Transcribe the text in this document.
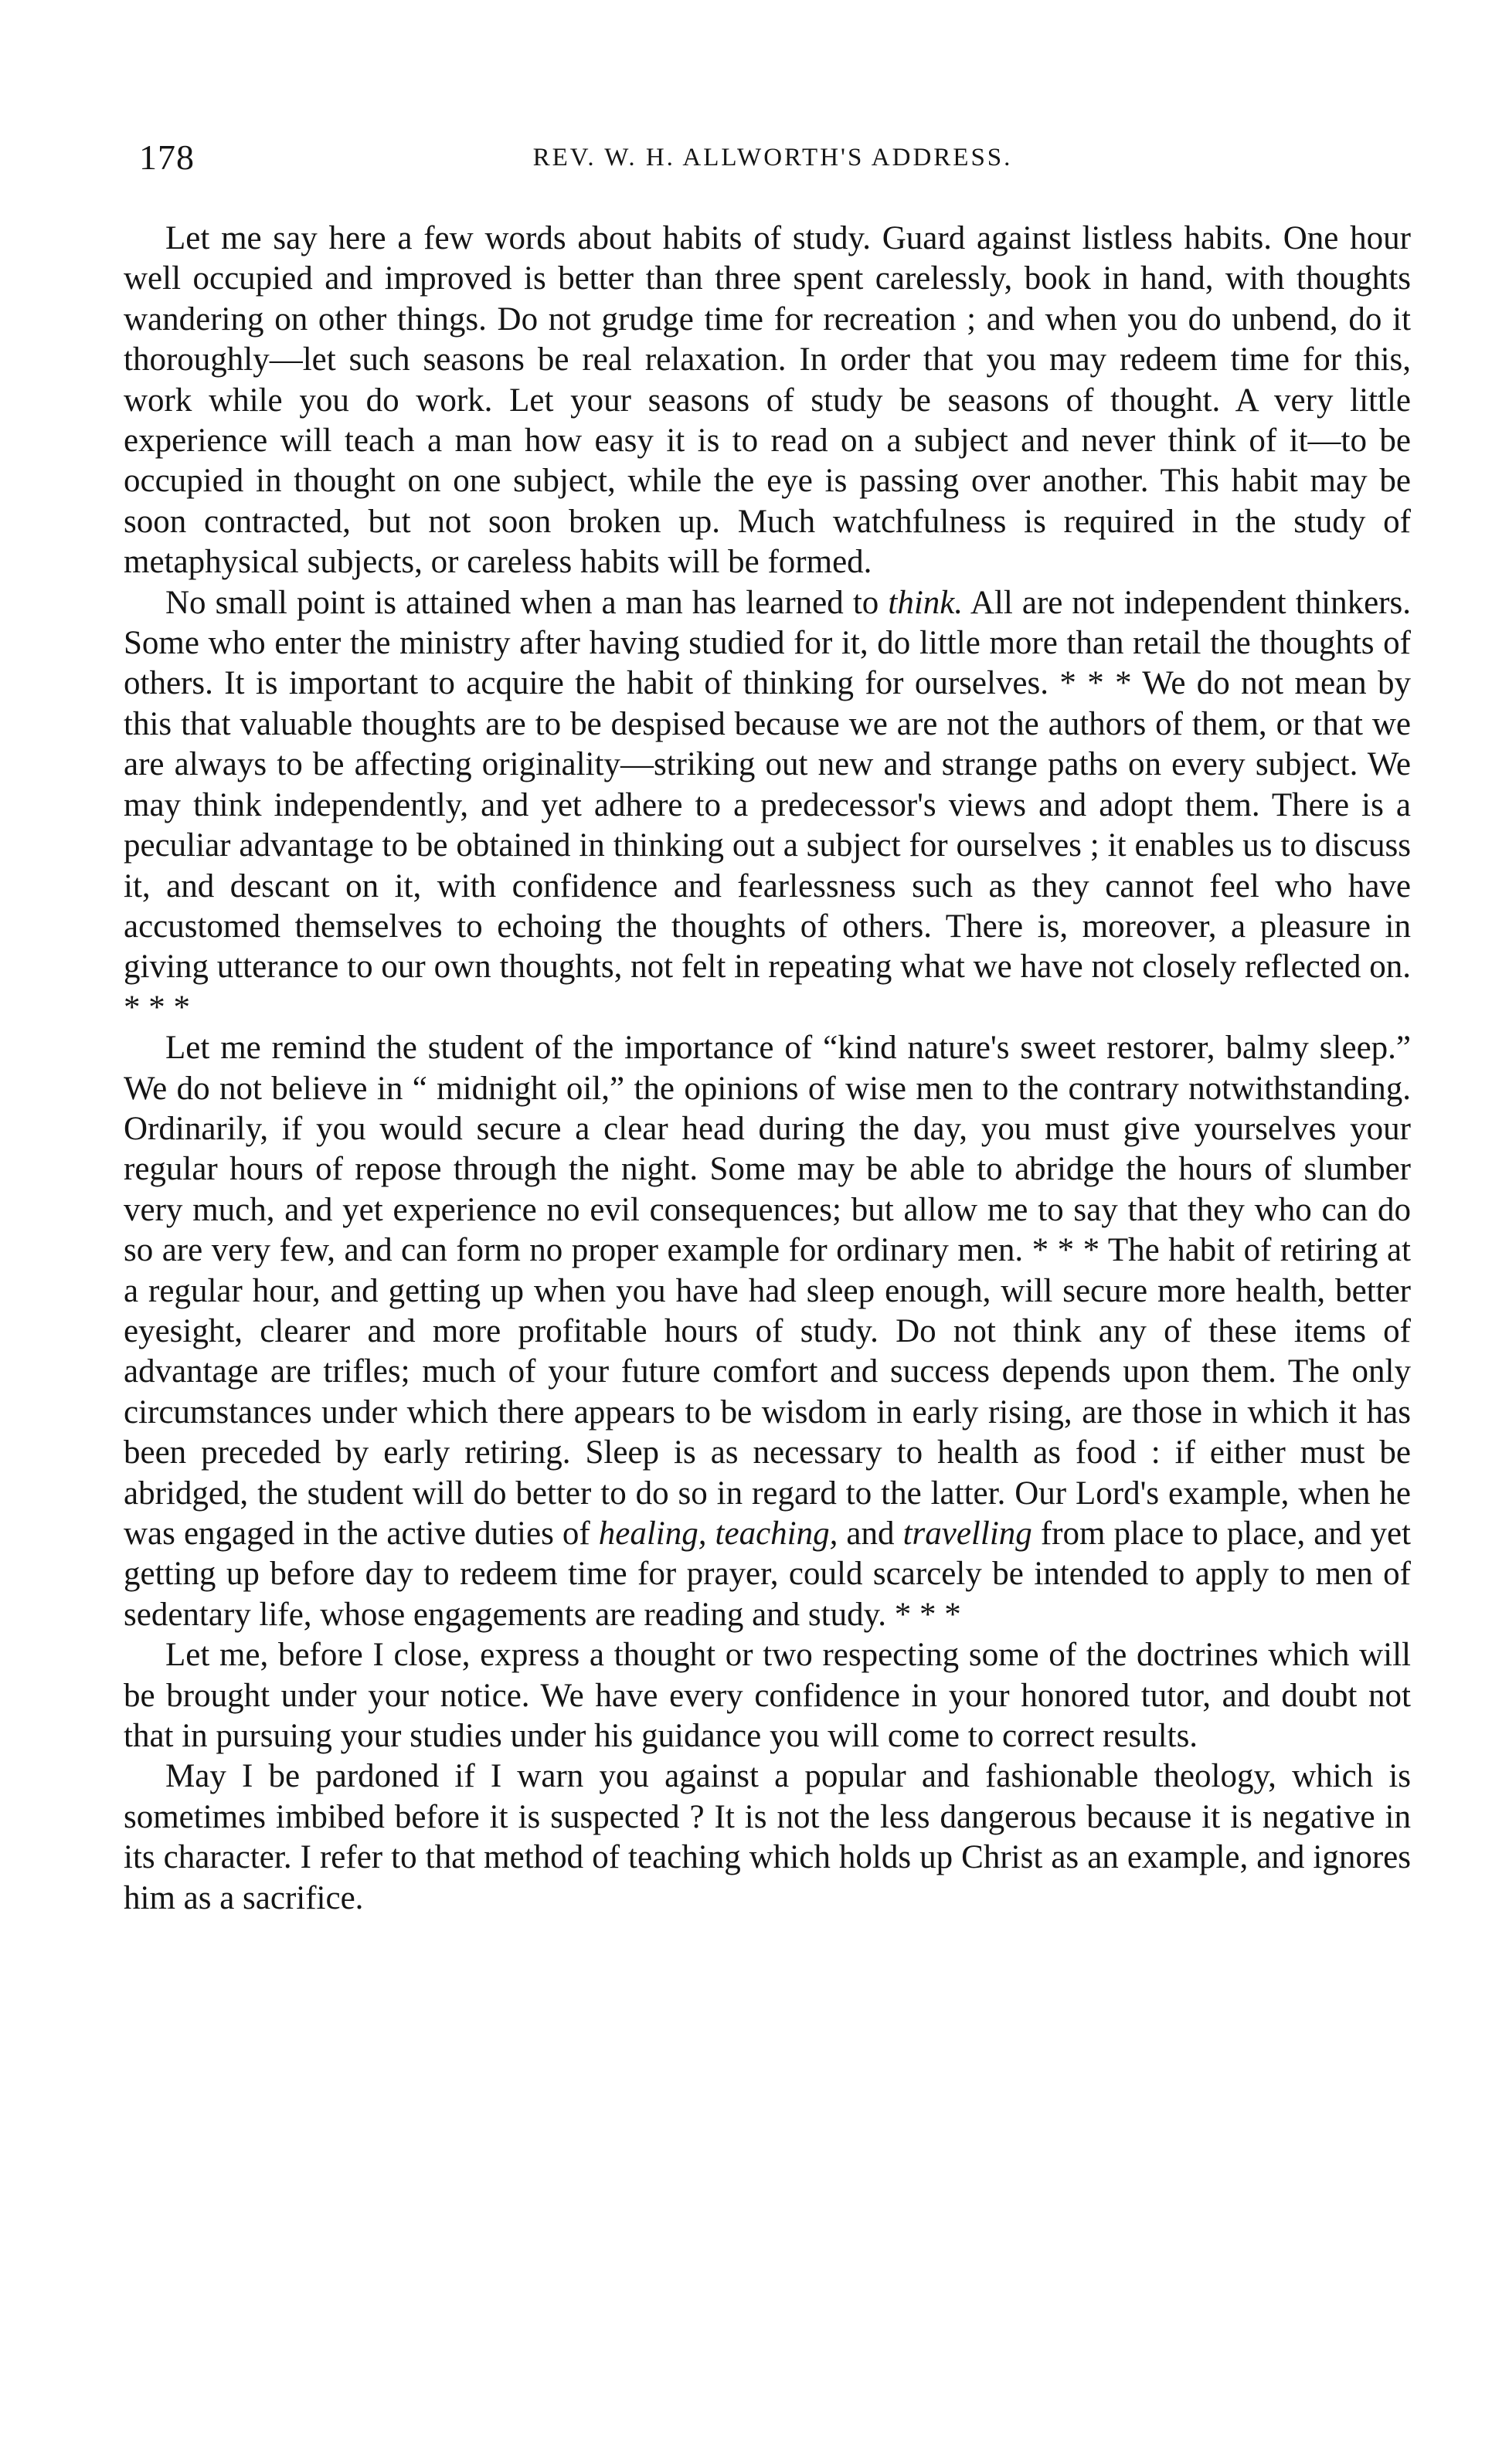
178	REV. W. H. ALLWORTH'S ADDRESS.

Let me say here a few words about habits of study. Guard against listless habits. One hour well occupied and improved is better than three spent carelessly, book in hand, with thoughts wandering on other things. Do not grudge time for recreation ; and when you do unbend, do it thoroughly—let such seasons be real relaxation. In order that you may redeem time for this, work while you do work. Let your seasons of study be seasons of thought. A very little experience will teach a man how easy it is to read on a subject and never think of it—to be occupied in thought on one subject, while the eye is passing over another. This habit may be soon contracted, but not soon broken up. Much watchfulness is required in the study of metaphysical subjects, or careless habits will be formed.

No small point is attained when a man has learned to think. All are not independent thinkers. Some who enter the ministry after having studied for it, do little more than retail the thoughts of others. It is important to acquire the habit of thinking for ourselves. * * * We do not mean by this that valuable thoughts are to be despised because we are not the authors of them, or that we are always to be affecting originality—striking out new and strange paths on every subject. We may think independently, and yet adhere to a predecessor's views and adopt them. There is a peculiar advantage to be obtained in thinking out a subject for ourselves ; it enables us to discuss it, and descant on it, with confidence and fearlessness such as they cannot feel who have accustomed themselves to echoing the thoughts of others. There is, moreover, a pleasure in giving utterance to our own thoughts, not felt in repeating what we have not closely reflected on. * * *

Let me remind the student of the importance of “kind nature's sweet restorer, balmy sleep.” We do not believe in “ midnight oil,” the opinions of wise men to the contrary notwithstanding. Ordinarily, if you would secure a clear head during the day, you must give yourselves your regular hours of repose through the night. Some may be able to abridge the hours of slumber very much, and yet experience no evil consequences; but allow me to say that they who can do so are very few, and can form no proper example for ordinary men. * * * The habit of retiring at a regular hour, and getting up when you have had sleep enough, will secure more health, better eyesight, clearer and more profitable hours of study. Do not think any of these items of advantage are trifles; much of your future comfort and success depends upon them. The only circumstances under which there appears to be wisdom in early rising, are those in which it has been preceded by early retiring. Sleep is as necessary to health as food : if either must be abridged, the student will do better to do so in regard to the latter. Our Lord's example, when he was engaged in the active duties of healing, teaching, and travelling from place to place, and yet getting up before day to redeem time for prayer, could scarcely be intended to apply to men of sedentary life, whose engagements are reading and study. * * *

Let me, before I close, express a thought or two respecting some of the doctrines which will be brought under your notice. We have every confidence in your honored tutor, and doubt not that in pursuing your studies under his guidance you will come to correct results.

May I be pardoned if I warn you against a popular and fashionable theology, which is sometimes imbibed before it is suspected ? It is not the less dangerous because it is negative in its character. I refer to that method of teaching which holds up Christ as an example, and ignores him as a sacrifice.
